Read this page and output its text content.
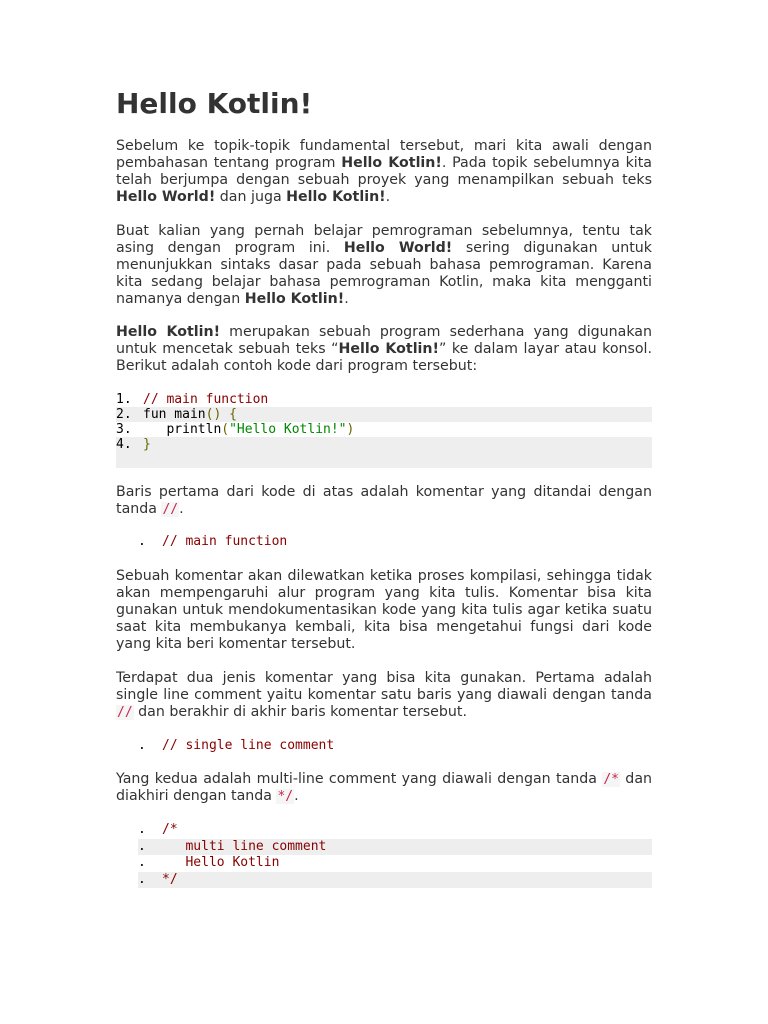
Hello Kotlin!

Sebelum ke topik-topik fundamental tersebut, mari kita awali dengan pembahasan tentang program Hello Kotlin!. Pada topik sebelumnya kita telah berjumpa dengan sebuah proyek yang menampilkan sebuah teks Hello World! dan juga Hello Kotlin!.

Buat kalian yang pernah belajar pemrograman sebelumnya, tentu tak asing dengan program ini. Hello World! sering digunakan untuk menunjukkan sintaks dasar pada sebuah bahasa pemrograman. Karena kita sedang belajar bahasa pemrograman Kotlin, maka kita mengganti namanya dengan Hello Kotlin!.

Hello Kotlin! merupakan sebuah program sederhana yang digunakan untuk mencetak sebuah teks “Hello Kotlin!” ke dalam layar atau konsol. Berikut adalah contoh kode dari program tersebut:

1. // main function
2. fun main() {
3.   println("Hello Kotlin!")
4. }

Baris pertama dari kode di atas adalah komentar yang ditandai dengan tanda //.

. // main function

Sebuah komentar akan dilewatkan ketika proses kompilasi, sehingga tidak akan mempengaruhi alur program yang kita tulis. Komentar bisa kita gunakan untuk mendokumentasikan kode yang kita tulis agar ketika suatu saat kita membukanya kembali, kita bisa mengetahui fungsi dari kode yang kita beri komentar tersebut.

Terdapat dua jenis komentar yang bisa kita gunakan. Pertama adalah single line comment yaitu komentar satu baris yang diawali dengan tanda // dan berakhir di akhir baris komentar tersebut.

. // single line comment

Yang kedua adalah multi-line comment yang diawali dengan tanda /* dan diakhiri dengan tanda */.

. /*
.   multi line comment
.   Hello Kotlin
. */
